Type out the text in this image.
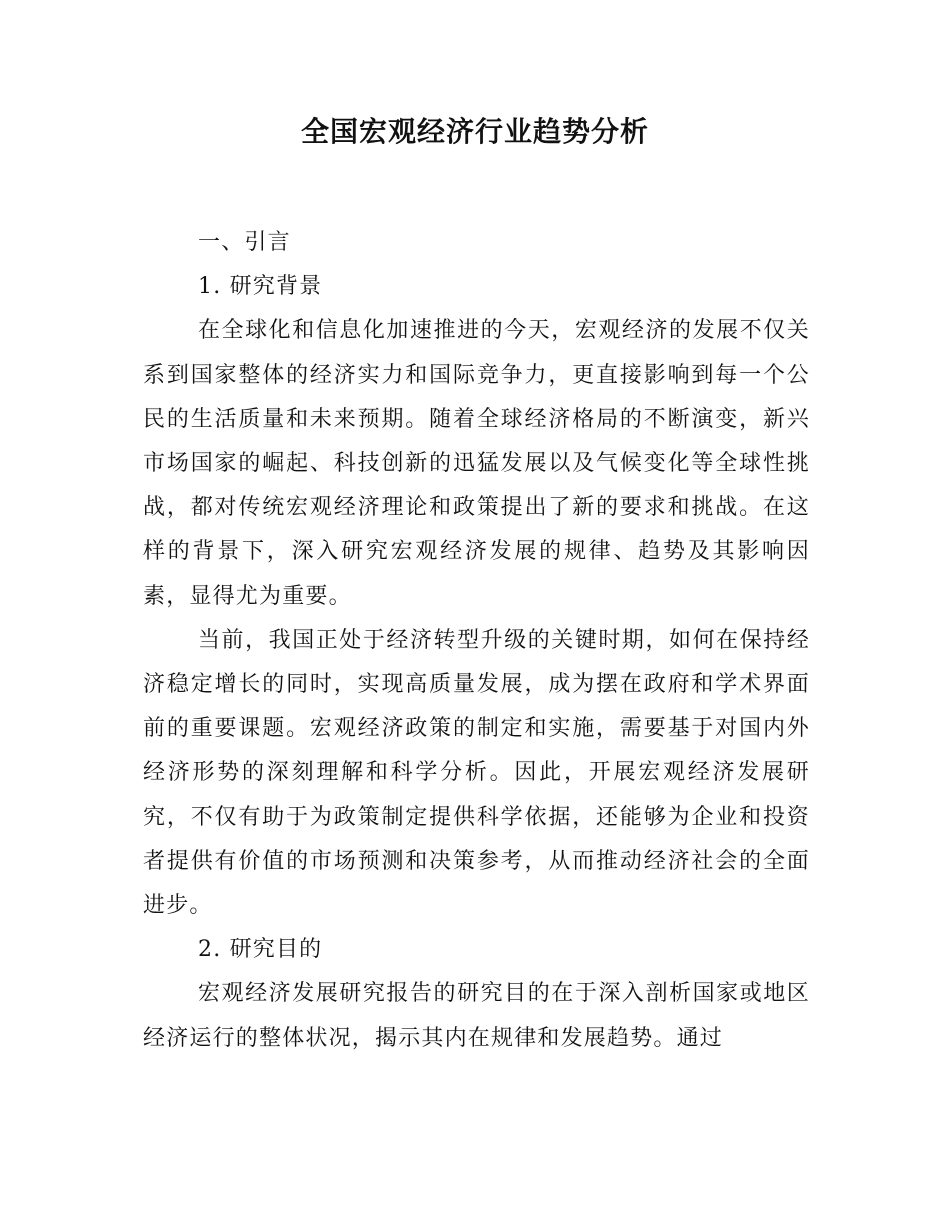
全国宏观经济行业趋势分析
一、引言
1. 研究背景

在全球化和信息化加速推进的今天，宏观经济的发展不仅关系到国家整体的经济实力和国际竞争力，更直接影响到每一个公民的生活质量和未来预期。随着全球经济格局的不断演变，新兴市场国家的崛起、科技创新的迅猛发展以及气候变化等全球性挑战，都对传统宏观经济理论和政策提出了新的要求和挑战。在这样的背景下，深入研究宏观经济发展的规律、趋势及其影响因素，显得尤为重要。

当前，我国正处于经济转型升级的关键时期，如何在保持经济稳定增长的同时，实现高质量发展，成为摆在政府和学术界面前的重要课题。宏观经济政策的制定和实施，需要基于对国内外经济形势的深刻理解和科学分析。因此，开展宏观经济发展研究，不仅有助于为政策制定提供科学依据，还能够为企业和投资者提供有价值的市场预测和决策参考，从而推动经济社会的全面进步。

2. 研究目的

宏观经济发展研究报告的研究目的在于深入剖析国家或地区经济运行的整体状况，揭示其内在规律和发展趋势。通过
